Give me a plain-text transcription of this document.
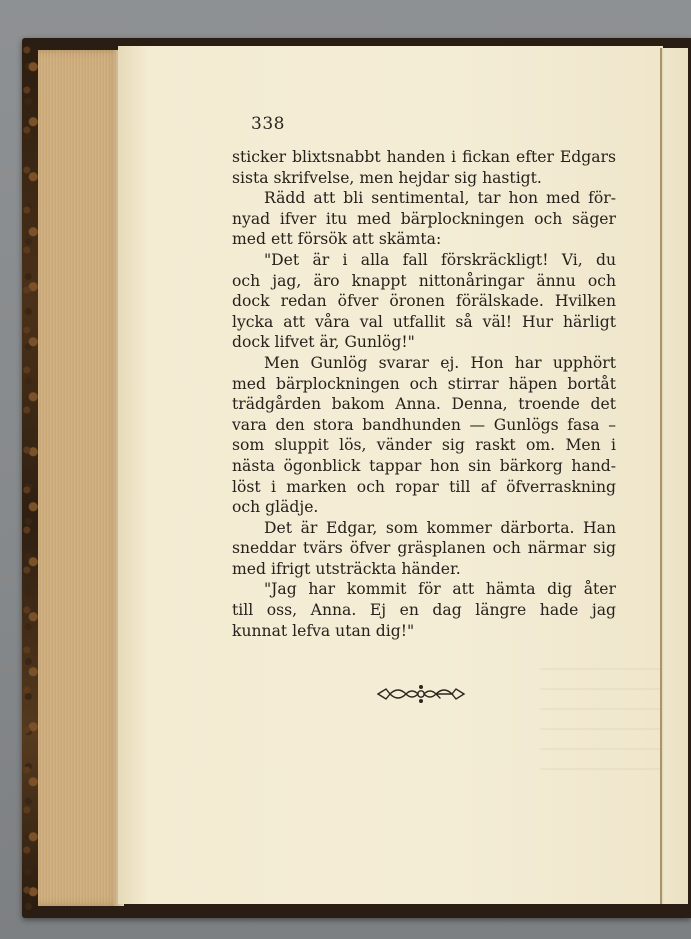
338
sticker blixtsnabbt handen i fickan efter Edgars
sista skrifvelse, men hejdar sig hastigt.
Rädd att bli sentimental, tar hon med för-
nyad ifver itu med bärplockningen och säger
med ett försök att skämta:
"Det är i alla fall förskräckligt! Vi, du
och jag, äro knappt nittonåringar ännu och
dock redan öfver öronen förälskade. Hvilken
lycka att våra val utfallit så väl! Hur härligt
dock lifvet är, Gunlög!"
Men Gunlög svarar ej. Hon har upphört
med bärplockningen och stirrar häpen bortåt
trädgården bakom Anna. Denna, troende det
vara den stora bandhunden — Gunlögs fasa –
som sluppit lös, vänder sig raskt om. Men i
nästa ögonblick tappar hon sin bärkorg hand-
löst i marken och ropar till af öfverraskning
och glädje.
Det är Edgar, som kommer därborta. Han
sneddar tvärs öfver gräsplanen och närmar sig
med ifrigt utsträckta händer.
"Jag har kommit för att hämta dig åter
till oss, Anna. Ej en dag längre hade jag
kunnat lefva utan dig!"
